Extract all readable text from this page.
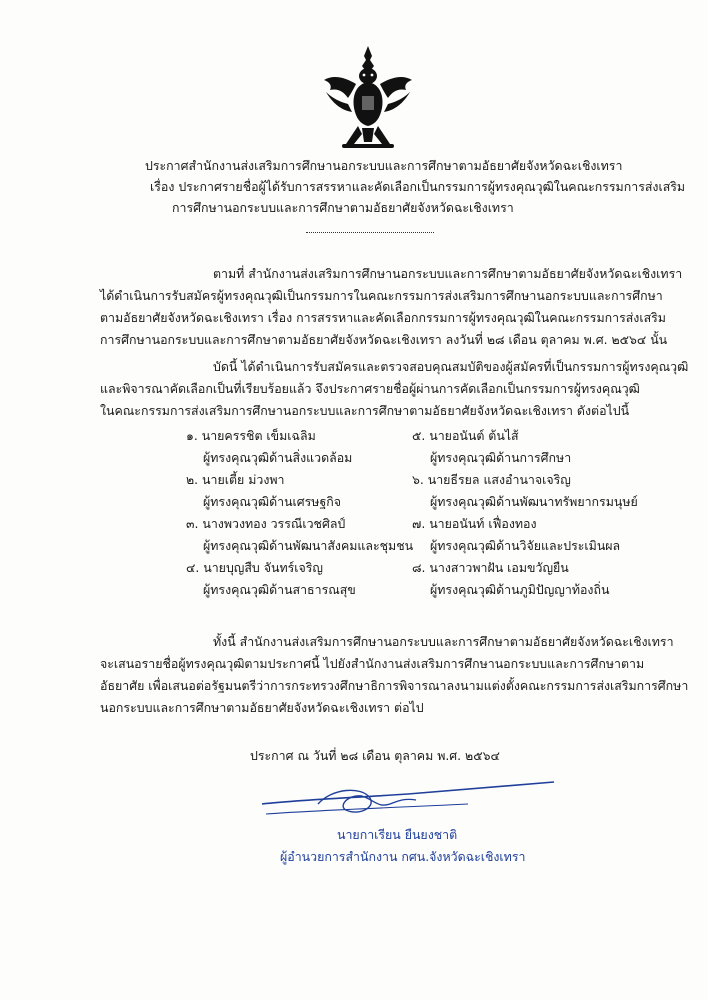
ประกาศสำนักงานส่งเสริมการศึกษานอกระบบและการศึกษาตามอัธยาศัยจังหวัดฉะเชิงเทรา
เรื่อง ประกาศรายชื่อผู้ได้รับการสรรหาและคัดเลือกเป็นกรรมการผู้ทรงคุณวุฒิในคณะกรรมการส่งเสริม
การศึกษานอกระบบและการศึกษาตามอัธยาศัยจังหวัดฉะเชิงเทรา
ตามที่ สำนักงานส่งเสริมการศึกษานอกระบบและการศึกษาตามอัธยาศัยจังหวัดฉะเชิงเทรา
ได้ดำเนินการรับสมัครผู้ทรงคุณวุฒิเป็นกรรมการในคณะกรรมการส่งเสริมการศึกษานอกระบบและการศึกษา
ตามอัธยาศัยจังหวัดฉะเชิงเทรา เรื่อง การสรรหาและคัดเลือกกรรมการผู้ทรงคุณวุฒิในคณะกรรมการส่งเสริม
การศึกษานอกระบบและการศึกษาตามอัธยาศัยจังหวัดฉะเชิงเทรา ลงวันที่ ๒๘ เดือน ตุลาคม พ.ศ. ๒๕๖๔ นั้น
บัดนี้ ได้ดำเนินการรับสมัครและตรวจสอบคุณสมบัติของผู้สมัครที่เป็นกรรมการผู้ทรงคุณวุฒิ
และพิจารณาคัดเลือกเป็นที่เรียบร้อยแล้ว จึงประกาศรายชื่อผู้ผ่านการคัดเลือกเป็นกรรมการผู้ทรงคุณวุฒิ
ในคณะกรรมการส่งเสริมการศึกษานอกระบบและการศึกษาตามอัธยาศัยจังหวัดฉะเชิงเทรา ดังต่อไปนี้
๑. นายครรชิต เข็มเฉลิม
ผู้ทรงคุณวุฒิด้านสิ่งแวดล้อม
๒. นายเตี้ย ม่วงพา
ผู้ทรงคุณวุฒิด้านเศรษฐกิจ
๓. นางพวงทอง วรรณีเวชศิลป์
ผู้ทรงคุณวุฒิด้านพัฒนาสังคมและชุมชน
๔. นายบุญสืบ จันทร์เจริญ
ผู้ทรงคุณวุฒิด้านสาธารณสุข
๕. นายอนันต์ ต้นไส้
ผู้ทรงคุณวุฒิด้านการศึกษา
๖. นายธีรยล แสงอำนาจเจริญ
ผู้ทรงคุณวุฒิด้านพัฒนาทรัพยากรมนุษย์
๗. นายอนันท์ เฟื่องทอง
ผู้ทรงคุณวุฒิด้านวิจัยและประเมินผล
๘. นางสาวพาฝัน เอมขวัญยืน
ผู้ทรงคุณวุฒิด้านภูมิปัญญาท้องถิ่น
ทั้งนี้ สำนักงานส่งเสริมการศึกษานอกระบบและการศึกษาตามอัธยาศัยจังหวัดฉะเชิงเทรา
จะเสนอรายชื่อผู้ทรงคุณวุฒิตามประกาศนี้ ไปยังสำนักงานส่งเสริมการศึกษานอกระบบและการศึกษาตาม
อัธยาศัย เพื่อเสนอต่อรัฐมนตรีว่าการกระทรวงศึกษาธิการพิจารณาลงนามแต่งตั้งคณะกรรมการส่งเสริมการศึกษา
นอกระบบและการศึกษาตามอัธยาศัยจังหวัดฉะเชิงเทรา ต่อไป
ประกาศ ณ วันที่ ๒๘ เดือน ตุลาคม พ.ศ. ๒๕๖๔
นายกาเรียน ยืนยงชาติ
ผู้อำนวยการสำนักงาน กศน.จังหวัดฉะเชิงเทรา
